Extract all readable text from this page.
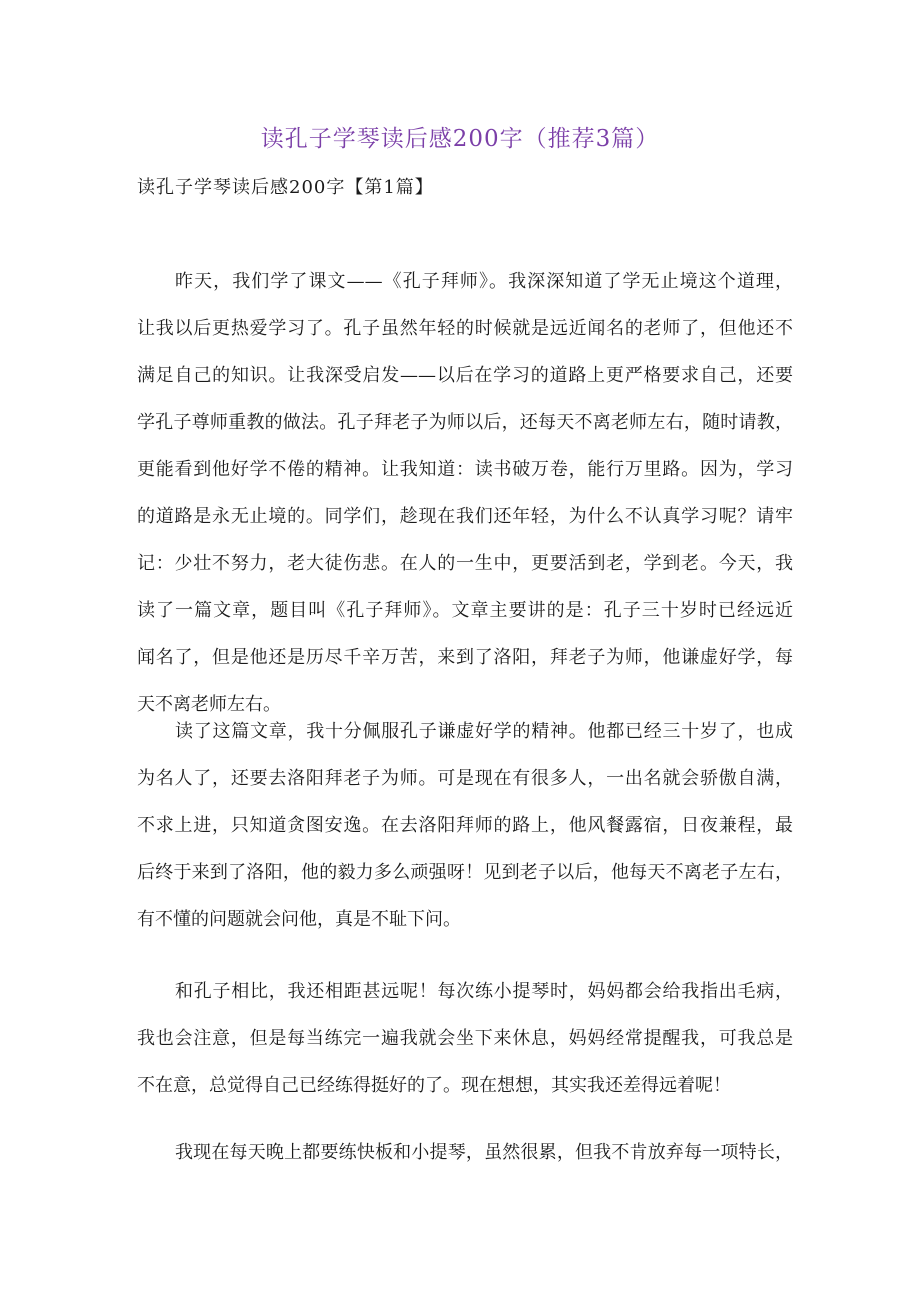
读孔子学琴读后感200字（推荐3篇）
读孔子学琴读后感200字【第1篇】
昨天，我们学了课文——《孔子拜师》。我深深知道了学无止境这个道理，
让我以后更热爱学习了。孔子虽然年轻的时候就是远近闻名的老师了，但他还不
满足自己的知识。让我深受启发——以后在学习的道路上更严格要求自己，还要
学孔子尊师重教的做法。孔子拜老子为师以后，还每天不离老师左右，随时请教，
更能看到他好学不倦的精神。让我知道：读书破万卷，能行万里路。因为，学习
的道路是永无止境的。同学们，趁现在我们还年轻，为什么不认真学习呢？请牢
记：少壮不努力，老大徒伤悲。在人的一生中，更要活到老，学到老。今天，我
读了一篇文章，题目叫《孔子拜师》。文章主要讲的是：孔子三十岁时已经远近
闻名了，但是他还是历尽千辛万苦，来到了洛阳，拜老子为师，他谦虚好学，每
天不离老师左右。
读了这篇文章，我十分佩服孔子谦虚好学的精神。他都已经三十岁了，也成
为名人了，还要去洛阳拜老子为师。可是现在有很多人，一出名就会骄傲自满，
不求上进，只知道贪图安逸。在去洛阳拜师的路上，他风餐露宿，日夜兼程，最
后终于来到了洛阳，他的毅力多么顽强呀！见到老子以后，他每天不离老子左右，
有不懂的问题就会问他，真是不耻下问。
和孔子相比，我还相距甚远呢！每次练小提琴时，妈妈都会给我指出毛病，
我也会注意，但是每当练完一遍我就会坐下来休息，妈妈经常提醒我，可我总是
不在意，总觉得自己已经练得挺好的了。现在想想，其实我还差得远着呢！
我现在每天晚上都要练快板和小提琴，虽然很累，但我不肯放弃每一项特长，
